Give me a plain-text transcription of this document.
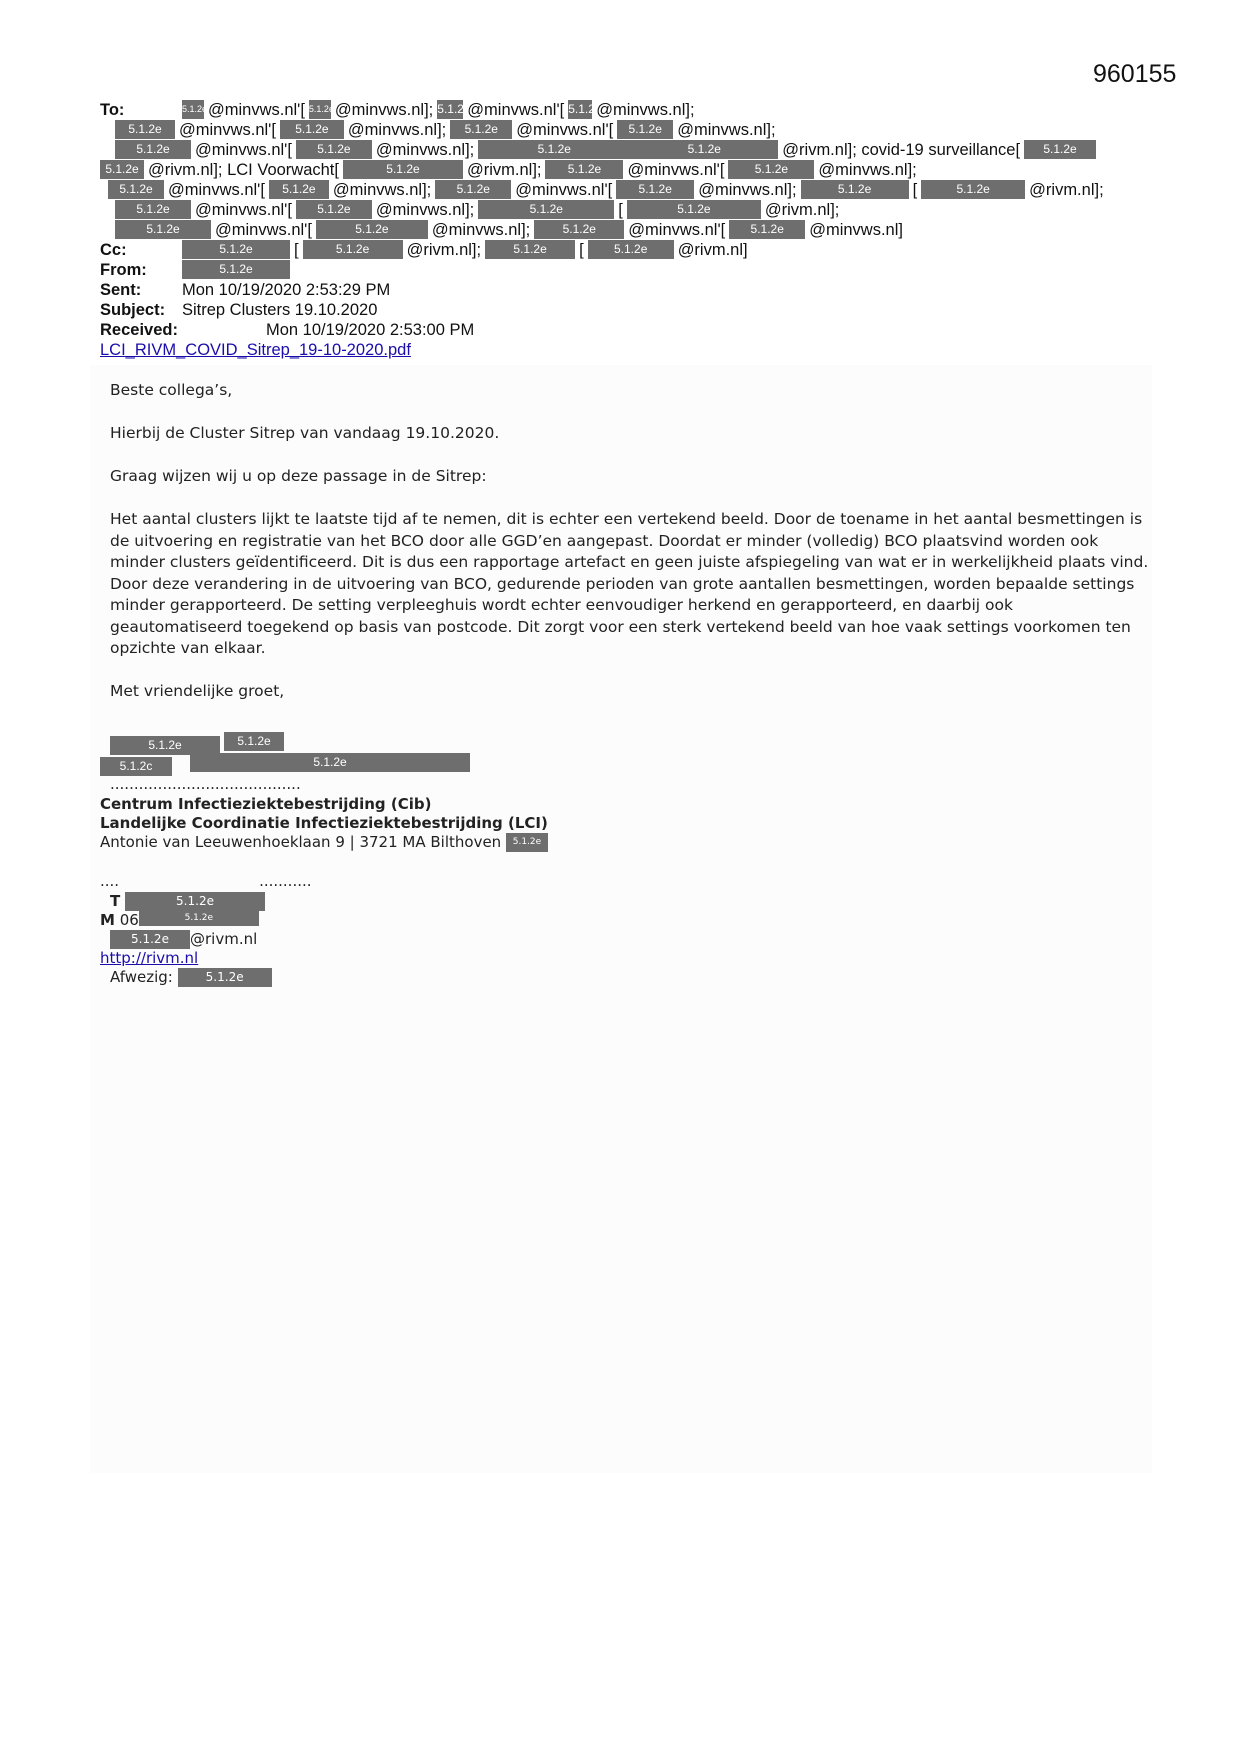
960155
To:	5.1.2e@minvws.nl'[ 5.1.2e@minvws.nl]; 5.1.2e@minvws.nl'[ 5.1.2e@minvws.nl];
5.1.2e @minvws.nl'[ 5.1.2e @minvws.nl]; 5.1.2e @minvws.nl'[ 5.1.2e @minvws.nl];
5.1.2e @minvws.nl'[ 5.1.2e @minvws.nl];	5.1.2e	5.1.2e	@rivm.nl]; covid-19 surveillance[ 5.1.2e
5.1.2e @rivm.nl]; LCI Voorwacht[	5.1.2e	@rivm.nl]; 5.1.2e @minvws.nl'[	5.1.2e @minvws.nl];
5.1.2e @minvws.nl'[ 5.1.2e @minvws.nl]; 5.1.2e @minvws.nl'[ 5.1.2e @minvws.nl];	5.1.2e	[	5.1.2e @rivm.nl];
5.1.2e @minvws.nl'[ 5.1.2e @minvws.nl];	5.1.2e	[	5.1.2e	@rivm.nl];
5.1.2e @minvws.nl'[	5.1.2e	@minvws.nl];	5.1.2e @minvws.nl'[ 5.1.2e @minvws.nl]
Cc:	5.1.2e	[	5.1.2e @rivm.nl];	5.1.2e [	5.1.2e @rivm.nl]
From:	5.1.2e
Sent: Mon 10/19/2020 2:53:29 PM
Subject: Sitrep Clusters 19.10.2020
Received:	Mon 10/19/2020 2:53:00 PM
LCI_RIVM_COVID_Sitrep_19-10-2020.pdf

Beste collega’s,

Hierbij de Cluster Sitrep van vandaag 19.10.2020.

Graag wijzen wij u op deze passage in de Sitrep:

Het aantal clusters lijkt te laatste tijd af te nemen, dit is echter een vertekend beeld. Door de toename in het aantal besmettingen is de uitvoering en registratie van het BCO door alle GGD’en aangepast. Doordat er minder (volledig) BCO plaatsvind worden ook minder clusters geïdentificeerd. Dit is dus een rapportage artefact en geen juiste afspiegeling van wat er in werkelijkheid plaats vind.

Door deze verandering in de uitvoering van BCO, gedurende perioden van grote aantallen besmettingen, worden bepaalde settings minder gerapporteerd. De setting verpleeghuis wordt echter eenvoudiger herkend en gerapporteerd, en daarbij ook geautomatiseerd toegekend op basis van postcode. Dit zorgt voor een sterk vertekend beeld van hoe vaak settings voorkomen ten opzichte van elkaar.

Met vriendelijke groet,

5.1.2e	5.1.2e
5.1.2c	5.1.2e
........................................
Centrum Infectieziektebestrijding (Cib)
Landelijke Coordinatie Infectieziektebestrijding (LCI)
Antonie van Leeuwenhoeklaan 9 | 3721 MA Bilthoven 5.1.2e
....	...........
T	5.1.2e
M 06	5.1.2e
5.1.2e @rivm.nl
http://rivm.nl
Afwezig:	5.1.2e
